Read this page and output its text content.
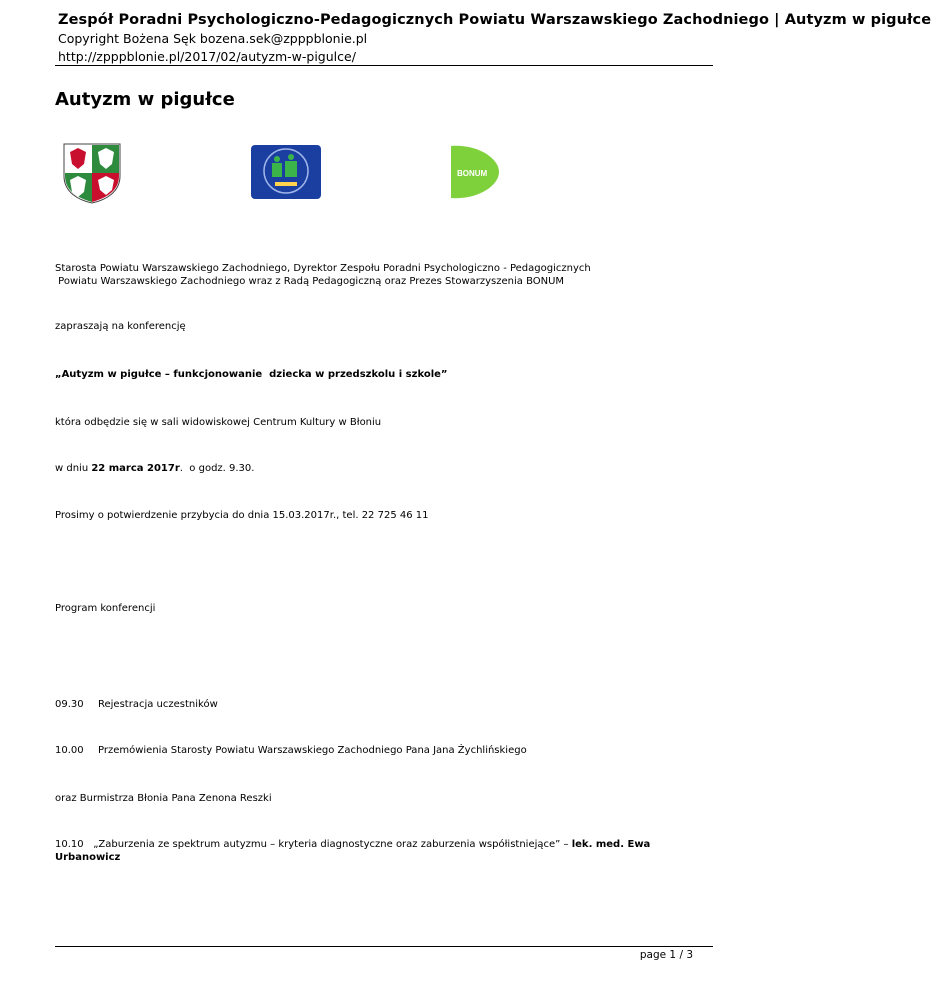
Zespół Poradni Psychologiczno-Pedagogicznych Powiatu Warszawskiego Zachodniego | Autyzm w pigułce
Copyright Bożena Sęk bozena.sek@zpppblonie.pl
http://zpppblonie.pl/2017/02/autyzm-w-pigulce/
Autyzm w pigułce
BONUM
Starosta Powiatu Warszawskiego Zachodniego, Dyrektor Zespołu Poradni Psychologiczno - Pedagogicznych
Powiatu Warszawskiego Zachodniego wraz z Radą Pedagogiczną oraz Prezes Stowarzyszenia BONUM
zapraszają na konferencję
„Autyzm w pigułce – funkcjonowanie  dziecka w przedszkolu i szkole”
która odbędzie się w sali widowiskowej Centrum Kultury w Błoniu
w dniu 22 marca 2017r.  o godz. 9.30.
Prosimy o potwierdzenie przybycia do dnia 15.03.2017r., tel. 22 725 46 11
Program konferencji
09.30 Rejestracja uczestników
10.00 Przemówienia Starosty Powiatu Warszawskiego Zachodniego Pana Jana Żychlińskiego
oraz Burmistrza Błonia Pana Zenona Reszki
10.10 „Zaburzenia ze spektrum autyzmu – kryteria diagnostyczne oraz zaburzenia współistniejące” – lek. med. Ewa
Urbanowicz
page 1 / 3
